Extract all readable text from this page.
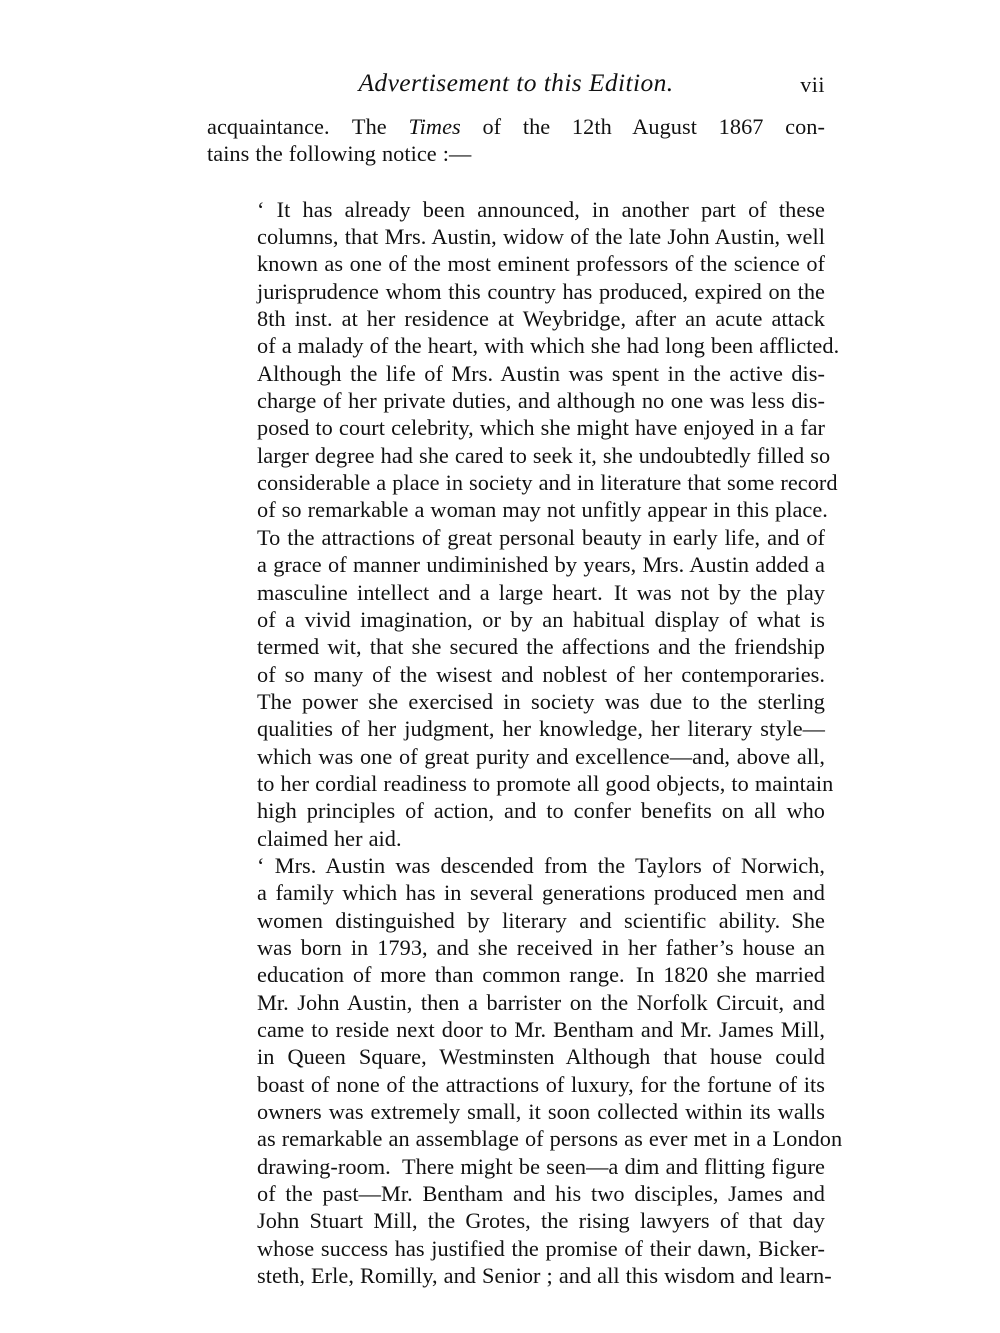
Advertisement to this Edition.	vii

acquaintance. The Times of the 12th August 1867 con-
tains the following notice :—

‘ It has already been announced, in another part of these
columns, that Mrs. Austin, widow of the late John Austin, well
known as one of the most eminent professors of the science of
jurisprudence whom this country has produced, expired on the
8th inst. at her residence at Weybridge, after an acute attack
of a malady of the heart, with which she had long been afflicted.
Although the life of Mrs. Austin was spent in the active dis-
charge of her private duties, and although no one was less dis-
posed to court celebrity, which she might have enjoyed in a far
larger degree had she cared to seek it, she undoubtedly filled so
considerable a place in society and in literature that some record
of so remarkable a woman may not unfitly appear in this place.
To the attractions of great personal beauty in early life, and of
a grace of manner undiminished by years, Mrs. Austin added a
masculine intellect and a large heart. It was not by the play
of a vivid imagination, or by an habitual display of what is
termed wit, that she secured the affections and the friendship
of so many of the wisest and noblest of her contemporaries.
The power she exercised in society was due to the sterling
qualities of her judgment, her knowledge, her literary style—
which was one of great purity and excellence—and, above all,
to her cordial readiness to promote all good objects, to maintain
high principles of action, and to confer benefits on all who
claimed her aid.

‘ Mrs. Austin was descended from the Taylors of Norwich,
a family which has in several generations produced men and
women distinguished by literary and scientific ability. She
was born in 1793, and she received in her father’s house an
education of more than common range. In 1820 she married
Mr. John Austin, then a barrister on the Norfolk Circuit, and
came to reside next door to Mr. Bentham and Mr. James Mill,
in Queen Square, Westminsten Although that house could
boast of none of the attractions of luxury, for the fortune of its
owners was extremely small, it soon collected within its walls
as remarkable an assemblage of persons as ever met in a London
drawing-room. There might be seen—a dim and flitting figure
of the past—Mr. Bentham and his two disciples, James and
John Stuart Mill, the Grotes, the rising lawyers of that day
whose success has justified the promise of their dawn, Bicker-
steth, Erle, Romilly, and Senior ; and all this wisdom and learn-
